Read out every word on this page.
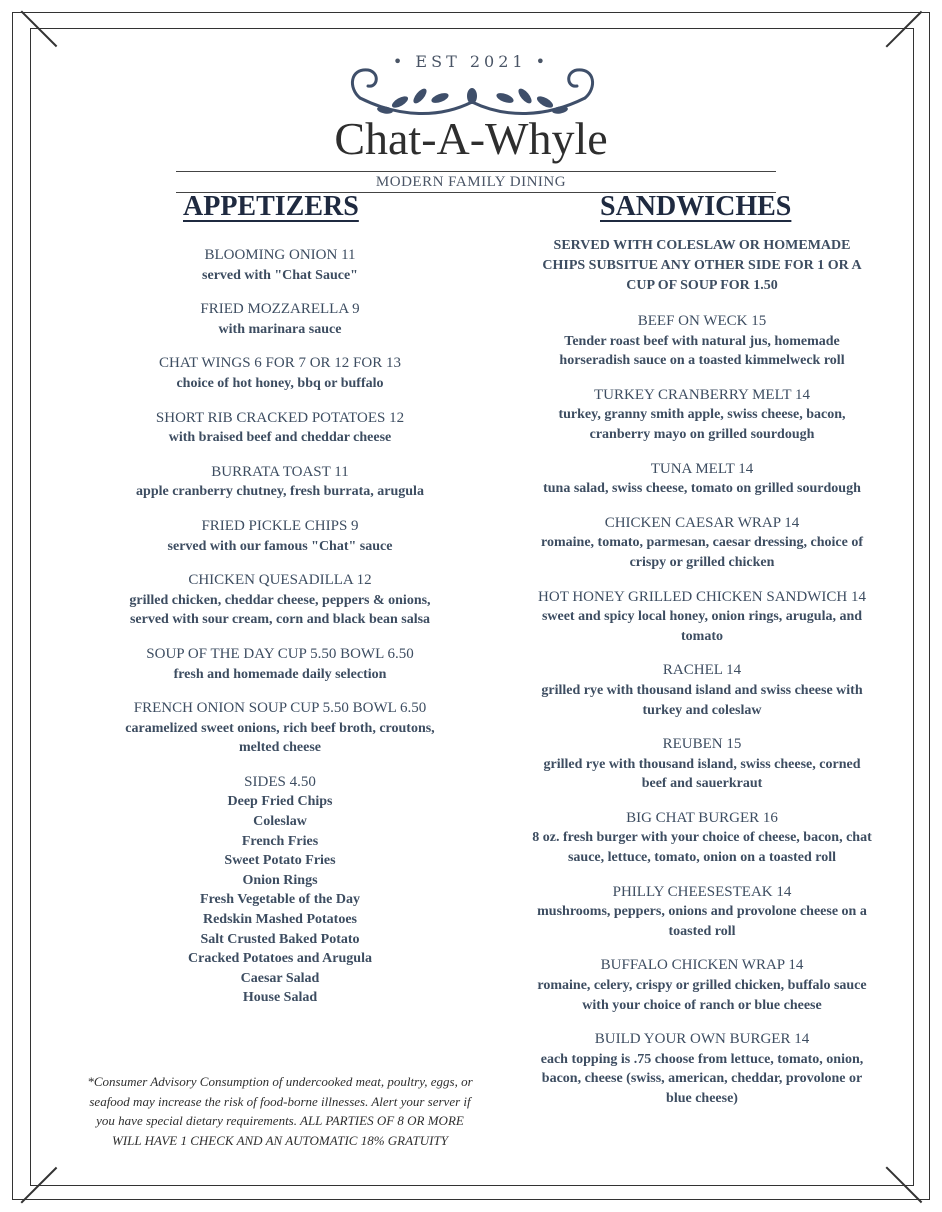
• EST 2021 •
Chat-A-Whyle
MODERN FAMILY DINING
APPETIZERS	SANDWICHES
BLOOMING ONION 11
served with "Chat Sauce"
FRIED MOZZARELLA 9
with marinara sauce
CHAT WINGS 6 FOR 7 OR 12 FOR 13
choice of hot honey, bbq or buffalo
SHORT RIB CRACKED POTATOES 12
with braised beef and cheddar cheese
BURRATA TOAST 11
apple cranberry chutney, fresh burrata, arugula
FRIED PICKLE CHIPS 9
served with our famous "Chat" sauce
CHICKEN QUESADILLA 12
grilled chicken, cheddar cheese, peppers & onions, served with sour cream, corn and black bean salsa
SOUP OF THE DAY CUP 5.50 BOWL 6.50
fresh and homemade daily selection
FRENCH ONION SOUP CUP 5.50 BOWL 6.50
caramelized sweet onions, rich beef broth, croutons, melted cheese
SIDES 4.50
Deep Fried Chips
Coleslaw
French Fries
Sweet Potato Fries
Onion Rings
Fresh Vegetable of the Day
Redskin Mashed Potatoes
Salt Crusted Baked Potato
Cracked Potatoes and Arugula
Caesar Salad
House Salad
*Consumer Advisory Consumption of undercooked meat, poultry, eggs, or seafood may increase the risk of food-borne illnesses. Alert your server if you have special dietary requirements. ALL PARTIES OF 8 OR MORE WILL HAVE 1 CHECK AND AN AUTOMATIC 18% GRATUITY
SERVED WITH COLESLAW OR HOMEMADE CHIPS SUBSITUE ANY OTHER SIDE FOR 1 OR A CUP OF SOUP FOR 1.50
BEEF ON WECK 15
Tender roast beef with natural jus, homemade horseradish sauce on a toasted kimmelweck roll
TURKEY CRANBERRY MELT 14
turkey, granny smith apple, swiss cheese, bacon, cranberry mayo on grilled sourdough
TUNA MELT 14
tuna salad, swiss cheese, tomato on grilled sourdough
CHICKEN CAESAR WRAP 14
romaine, tomato, parmesan, caesar dressing, choice of crispy or grilled chicken
HOT HONEY GRILLED CHICKEN SANDWICH 14
sweet and spicy local honey, onion rings, arugula, and tomato
RACHEL 14
grilled rye with thousand island and swiss cheese with turkey and coleslaw
REUBEN 15
grilled rye with thousand island, swiss cheese, corned beef and sauerkraut
BIG CHAT BURGER 16
8 oz. fresh burger with your choice of cheese, bacon, chat sauce, lettuce, tomato, onion on a toasted roll
PHILLY CHEESESTEAK 14
mushrooms, peppers, onions and provolone cheese on a toasted roll
BUFFALO CHICKEN WRAP 14
romaine, celery, crispy or grilled chicken, buffalo sauce with your choice of ranch or blue cheese
BUILD YOUR OWN BURGER 14
each topping is .75 choose from lettuce, tomato, onion, bacon, cheese (swiss, american, cheddar, provolone or blue cheese)
